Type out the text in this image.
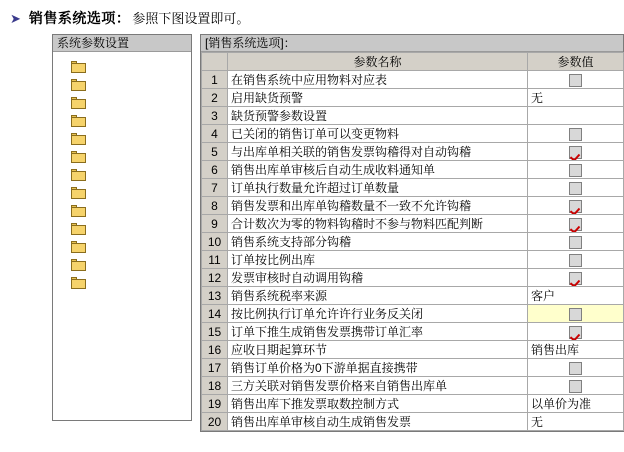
➤ 销售系统选项： 参照下图设置即可。
系统参数设置	[销售系统选项]：
	参数名称	参数值
1	在销售系统中应用物料对应表	
2	启用缺货预警	无
3	缺货预警参数设置	
4	已关闭的销售订单可以变更物料	
5	与出库单相关联的销售发票钩稽得对自动钩稽	
6	销售出库单审核后自动生成收料通知单	
7	订单执行数量允许超过订单数量	
8	销售发票和出库单钩稽数量不一致不允许钩稽	
9	合计数次为零的物料钩稽时不参与物料匹配判断	
10	销售系统支持部分钩稽	
11	订单按比例出库	
12	发票审核时自动调用钩稽	
13	销售系统税率来源	客户
14	按比例执行订单允许许行业务反关闭	
15	订单下推生成销售发票携带订单汇率	
16	应收日期起算环节	销售出库
17	销售订单价格为0下游单据直接携带	
18	三方关联对销售发票价格来自销售出库单	
19	销售出库下推发票取数控制方式	以单价为准
20	销售出库单审核自动生成销售发票	无
